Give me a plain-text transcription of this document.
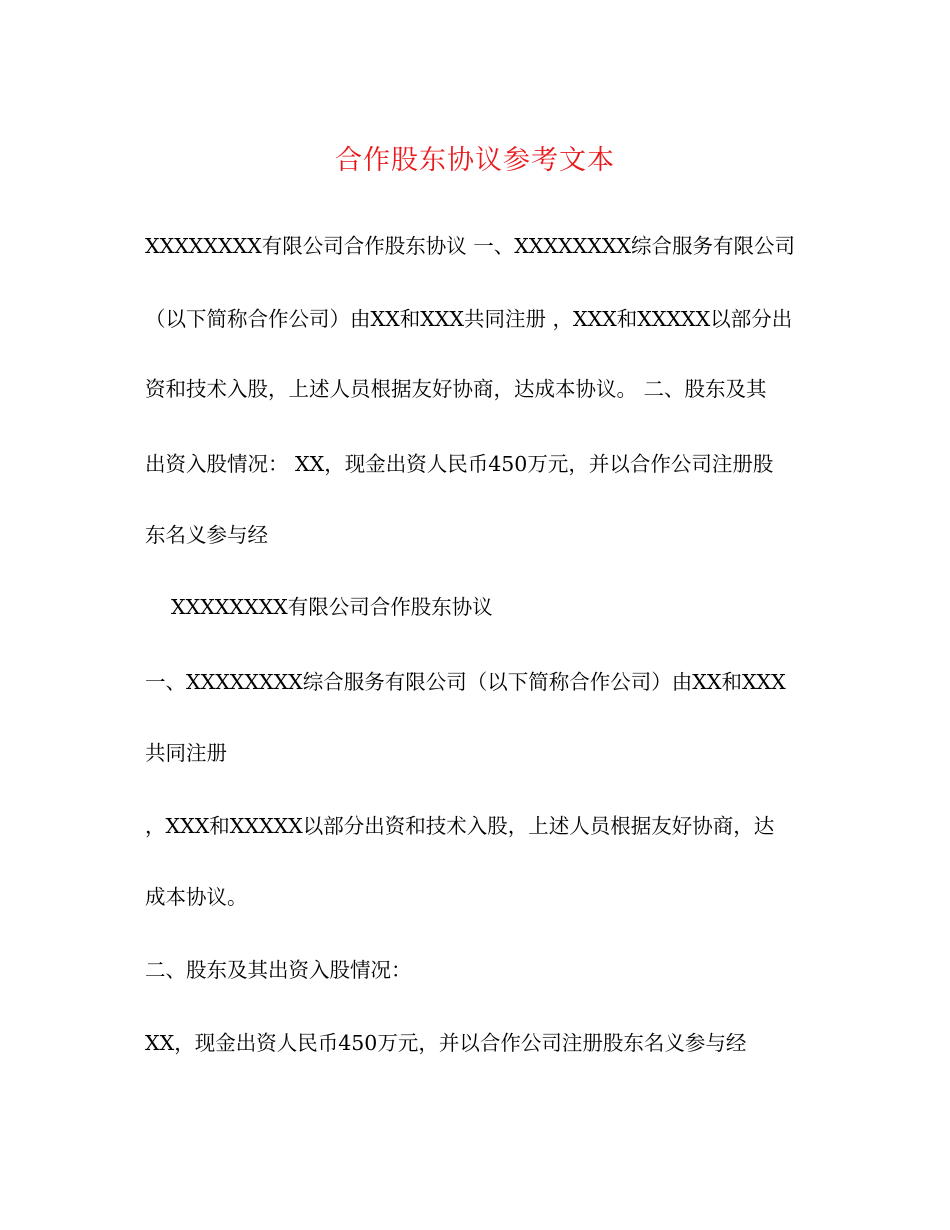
合作股东协议参考文本
XXXXXXXX有限公司合作股东协议 一、XXXXXXXX综合服务有限公司
（以下简称合作公司）由XX和XXX共同注册 ，XXX和XXXXX以部分出
资和技术入股，上述人员根据友好协商，达成本协议。 二、股东及其
出资入股情况： XX，现金出资人民币450万元，并以合作公司注册股
东名义参与经
XXXXXXXX有限公司合作股东协议
一、XXXXXXXX综合服务有限公司（以下简称合作公司）由XX和XXX
共同注册
，XXX和XXXXX以部分出资和技术入股，上述人员根据友好协商，达
成本协议。
二、股东及其出资入股情况：
XX，现金出资人民币450万元，并以合作公司注册股东名义参与经
